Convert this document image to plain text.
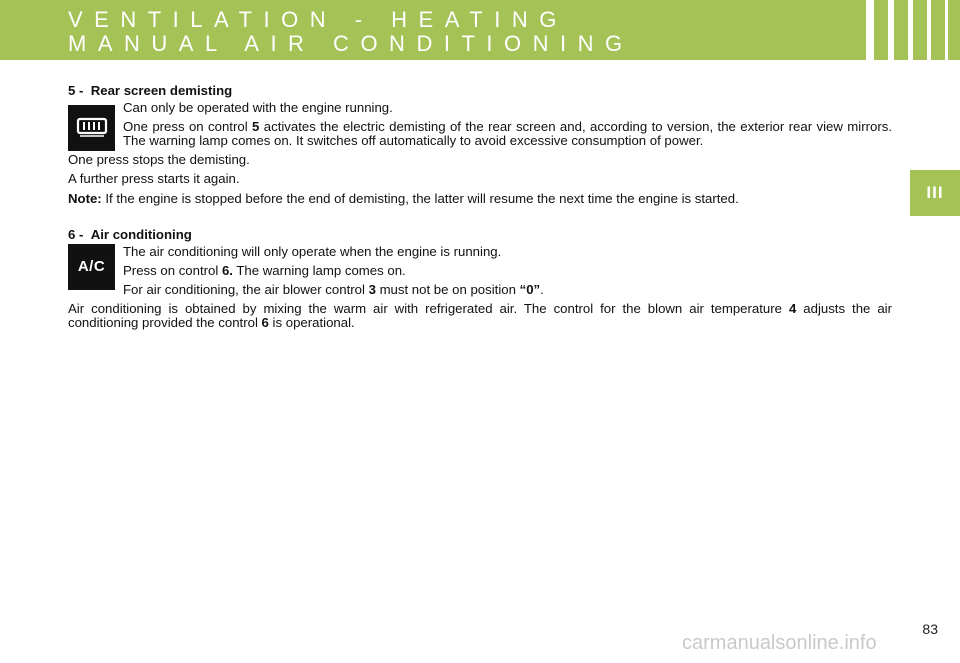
VENTILATION - HEATING
MANUAL AIR CONDITIONING
III

5 - Rear screen demisting

Can only be operated with the engine running.

One press on control 5 activates the electric demisting of the rear screen and, according to version, the exterior rear view mirrors. The warning lamp comes on. It switches off automatically to avoid excessive consumption of power.

One press stops the demisting.

A further press starts it again.

Note: If the engine is stopped before the end of demisting, the latter will resume the next time the engine is started.

6 - Air conditioning

A/C

The air conditioning will only operate when the engine is running.

Press on control 6. The warning lamp comes on.

For air conditioning, the air blower control 3 must not be on position “0”.

Air conditioning is obtained by mixing the warm air with refrigerated air. The control for the blown air temperature 4 adjusts the air conditioning provided the control 6 is operational.

83
carmanualsonline.info
